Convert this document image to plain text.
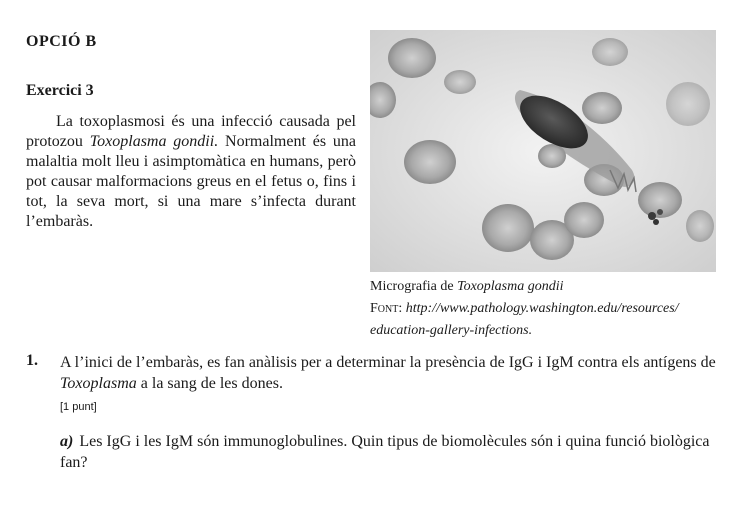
OPCIÓ B
Exercici 3

La toxoplasmosi és una infecció causada pel protozou Toxoplasma gondii. Normalment és una malaltia molt lleu i asimptomàtica en humans, però pot causar malformacions greus en el fetus o, fins i tot, la seva mort, si una mare s’infecta durant l’embaràs.

Micrografia de Toxoplasma gondii
Font: http://www.pathology.washington.edu/resources/
education-gallery-infections.
1. A l’inici de l’embaràs, es fan anàlisis per a determinar la presència de IgG i IgM contra els antígens de Toxoplasma a la sang de les dones.

[1 punt]

a) Les IgG i les IgM són immunoglobulines. Quin tipus de biomolècules són i quina funció biològica fan?
